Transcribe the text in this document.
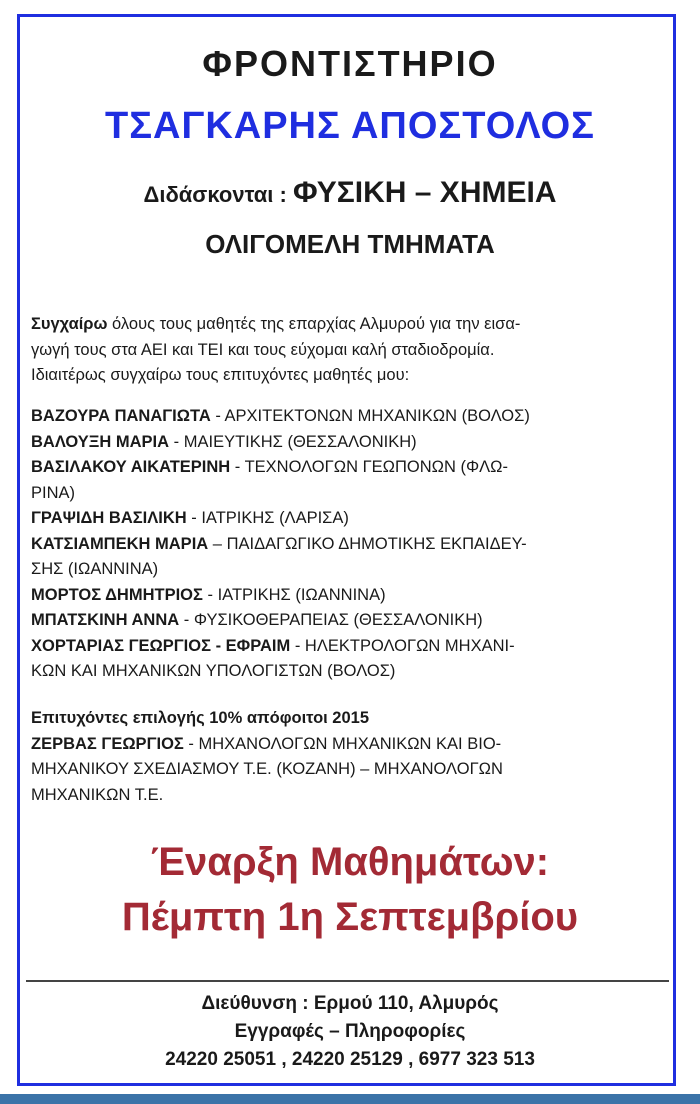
ΦΡΟΝΤΙΣΤΗΡΙΟ
ΤΣΑΓΚΑΡΗΣ ΑΠΟΣΤΟΛΟΣ
Διδάσκονται : ΦΥΣΙΚΗ – ΧΗΜΕΙΑ
ΟΛΙΓΟΜΕΛΗ ΤΜΗΜΑΤΑ
Συγχαίρω όλους τους μαθητές της επαρχίας Αλμυρού για την εισα-
γωγή τους στα ΑΕΙ και ΤΕΙ και τους εύχομαι καλή σταδιοδρομία.
Ιδιαιτέρως συγχαίρω τους επιτυχόντες μαθητές μου:
ΒΑΖΟΥΡΑ ΠΑΝΑΓΙΩΤΑ - ΑΡΧΙΤΕΚΤΟΝΩΝ ΜΗΧΑΝΙΚΩΝ (ΒΟΛΟΣ)
ΒΑΛΟΥΞΗ ΜΑΡΙΑ - ΜΑΙΕΥΤΙΚΗΣ (ΘΕΣΣΑΛΟΝΙΚΗ)
ΒΑΣΙΛΑΚΟΥ ΑΙΚΑΤΕΡΙΝΗ - ΤΕΧΝΟΛΟΓΩΝ ΓΕΩΠΟΝΩΝ (ΦΛΩ-
ΡΙΝΑ)
ΓΡΑΨΙΔΗ ΒΑΣΙΛΙΚΗ - ΙΑΤΡΙΚΗΣ (ΛΑΡΙΣΑ)
ΚΑΤΣΙΑΜΠΕΚΗ ΜΑΡΙΑ – ΠΑΙΔΑΓΩΓΙΚΟ ΔΗΜΟΤΙΚΗΣ ΕΚΠΑΙΔΕΥ-
ΣΗΣ (ΙΩΑΝΝΙΝΑ)
ΜΟΡΤΟΣ ΔΗΜΗΤΡΙΟΣ - ΙΑΤΡΙΚΗΣ (ΙΩΑΝΝΙΝΑ)
ΜΠΑΤΣΚΙΝΗ ΑΝΝΑ - ΦΥΣΙΚΟΘΕΡΑΠΕΙΑΣ (ΘΕΣΣΑΛΟΝΙΚΗ)
ΧΟΡΤΑΡΙΑΣ ΓΕΩΡΓΙΟΣ - ΕΦΡΑΙΜ - ΗΛΕΚΤΡΟΛΟΓΩΝ ΜΗΧΑΝΙ-
ΚΩΝ ΚΑΙ ΜΗΧΑΝΙΚΩΝ ΥΠΟΛΟΓΙΣΤΩΝ (ΒΟΛΟΣ)
Επιτυχόντες επιλογής 10% απόφοιτοι 2015
ΖΕΡΒΑΣ ΓΕΩΡΓΙΟΣ - ΜΗΧΑΝΟΛΟΓΩΝ ΜΗΧΑΝΙΚΩΝ ΚΑΙ ΒΙΟ-
ΜΗΧΑΝΙΚΟΥ ΣΧΕΔΙΑΣΜΟΥ Τ.Ε. (ΚΟΖΑΝΗ) – ΜΗΧΑΝΟΛΟΓΩΝ
ΜΗΧΑΝΙΚΩΝ Τ.Ε.
Έναρξη Μαθημάτων:
Πέμπτη 1η Σεπτεμβρίου
Διεύθυνση : Ερμού 110, Αλμυρός
Εγγραφές – Πληροφορίες
24220 25051 , 24220 25129 , 6977 323 513
